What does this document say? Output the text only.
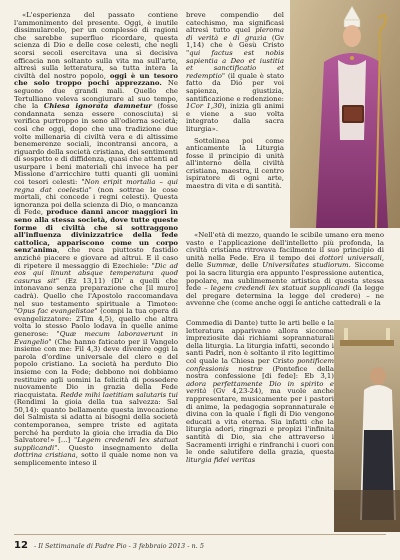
«L'esperienza del passato contiene l'ammonimento del presente. Oggi, è inutile dissimularcelo, per un complesso di ragioni che sarebbe superfluo ricordare, questa scienza di Dio e delle cose celesti, che negli scorsi secoli esercitava una sì decisiva efficacia non soltanto sulla vita ma sull'arte, altresì sulla letteratura, sa tutta intera la civiltà del nostro popolo, oggi è un tesoro che solo troppo pochi apprezzano. Ne seguono due grandi mali. Quello che Tertulliano veleva scongiurare al suo tempo, che la Chiesa ignorata damnetur (fosse condannata senza essere conosciuta) si verifica purtroppo in seno all'odierna società; così che oggi, dopo che una tradizione due volte millenaria di civiltà vera e di altissime benemerenze sociali, incontransi ancora, a riguardo della società cristiana, dei sentimenti di sospetto e di diffidenza, quasi che attenti ad usurpare i beni materiali chi invece ha per Missione d'arricchire tutti quanti gli uomini coi tesori celesti: "Non eripit mortalia – qui regna dat coelestia" (non sottrae le cose mortali, chi concede i regni celesti). Questa ignoranza poi della scienza di Dio, o mancanza di Fede, produce danni ancor maggiori in seno alla stessa società, dove tutte queste forme di civiltà che si sottraggono all'influenza divinizzatrice della fede cattolica, appariscono come un corpo senz'anima, che reca piuttosto fastidio anziché piacere e giovare ad altrui. E il caso di ripetere il messaggio di Ezechiele: "Dic ad eos qui linunt absque temperatura quod casurus sit" (Ez 13,11) (Di' a quelli che intonavano senza preparazione che [il muro] cadrà). Quello che l'Apostolo raccomandava nel suo testamento spirituale a Timoteo: "Opus fac evangelistae" (compi la tua opera di evangelizzatore: 2Tim 4,5), quello che altra volta lo stesso Paolo lodava in quelle anime generose: "Quæ mecum laboraverunt in Evangelio" (Che hanno faticato per il Vangelo insieme con me: Fil 4,3) deve divenire oggi la parola d'ordine universale del clero e del popolo cristiano. La società ha perduto Dio insieme con la Fede; debbono noi dobbiamo restituire agli uomini la felicità di possedere nuovamente Dio in grazia della Fede riacquistata. Redde mihi laetitiam salutaris tui (Rendimi la gioia della tua salvezza: Sal 50,14): quanto bellamente questa invocazione del Salmista si adatta ai bisogni della società contemporanea, sempre triste ed agitata perché ha perduto la gioia che irradia da Dio Salvatore!» [...] "Legem credendi lex statuat supplicandi". Questo insegnamento della dottrina cristiana, sotto il quale nome non va semplicemente inteso il

breve compendio del catechismo, ma significasi altresì tutto quel pleroma di verità e di grazia (Gv 1,14) che è Gesù Cristo "qui factus est nobis sapientia a Deo et iustitia et sanctificatio et redemptio" (il quale è stato fatto da Dio per voi sapienza, giustizia, santificazione e redenzione: 1Cor 1,30), inizia gli animi e viene a suo volta integrato dalla sacra liturgia».

Sottolinea poi come anticamente la Liturgia fosse il principio di unità all'interno della civiltà cristiana, maestra, il centro ispiratore di ogni arte, maestra di vita e di santità.

«Nell'età di mezzo, quando le scibile umano era meno vasto e l'applicazione dell'intelletto più profonda, la civiltà cristiana ritrovava facilmente il suo principio di unità nella Fede. Era il tempo dei dottori universali, delle Summæ, delle Universitates studiorum. Siccome poi la sacra liturgia era appunto l'espressione autentica, popolare, ma sublimemente artistica di questa stessa fede – legem credendi lex statuat supplicandi (la legge del pregare determina la legge del credere) – ne avvenne che (come anche oggi le antiche cattedrali e la

Commedia di Dante) tutte le arti belle e la letteratura apparivano allora siccome impreziosite dai richiami soprannaturali della liturgia. La liturgia infatti, secondo i santi Padri, non è soltanto il rito legittimo col quale la Chiesa per Cristo pontificem confessionis nostræ (Pontefice della nostra confessione [di fede]: Eb 3,1) adora perfettamente Dio in spirito e verità (Gv 4,23-24), ma vuole anche rappresentare, musicamente per i pastori di anime, la pedagogia soprannaturale e divina con la quale i figli di Dio vengono educati a vita eterna. Sia infatti che la liturgia adori, ringrazi e propizi l'infinita santità di Dio, sia che attraverso i Sacramenti irrighi e rinfranchi i cuori con le onde salutifere della grazia, questa liturgia fidei veritas

12 - Il Settimanale di Padre Pio - 3 febbraio 2013 - n. 5
